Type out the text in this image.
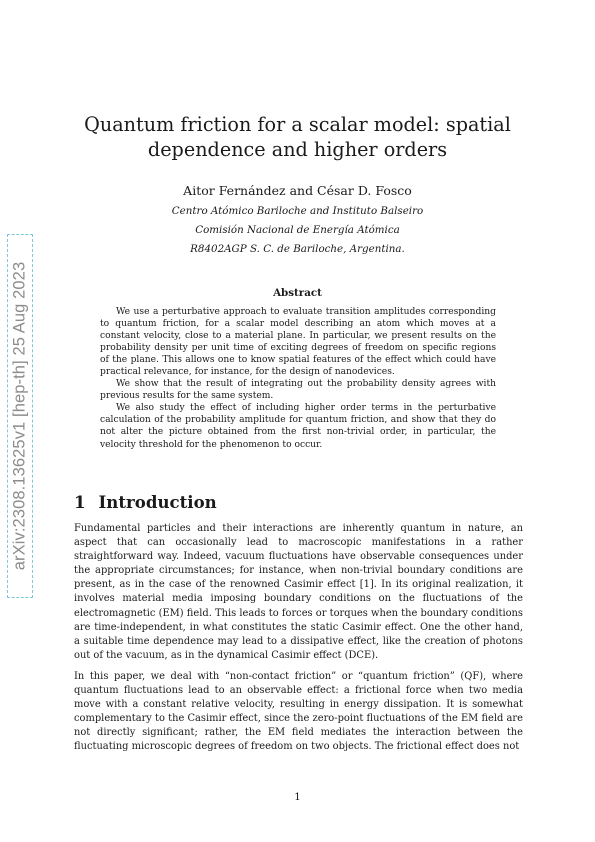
arXiv:2308.13625v1 [hep-th] 25 Aug 2023
Quantum friction for a scalar model: spatial dependence and higher orders
Aitor Fernández and César D. Fosco
Centro Atómico Bariloche and Instituto Balseiro
Comisión Nacional de Energía Atómica
R8402AGP S. C. de Bariloche, Argentina.
Abstract

We use a perturbative approach to evaluate transition amplitudes corresponding to quantum friction, for a scalar model describing an atom which moves at a constant velocity, close to a material plane. In particular, we present results on the probability density per unit time of exciting degrees of freedom on specific regions of the plane. This allows one to know spatial features of the effect which could have practical relevance, for instance, for the design of nanodevices.

We show that the result of integrating out the probability density agrees with previous results for the same system.

We also study the effect of including higher order terms in the perturbative calculation of the probability amplitude for quantum friction, and show that they do not alter the picture obtained from the first non-trivial order, in particular, the velocity threshold for the phenomenon to occur.

1 Introduction

Fundamental particles and their interactions are inherently quantum in nature, an aspect that can occasionally lead to macroscopic manifestations in a rather straightforward way. Indeed, vacuum fluctuations have observable consequences under the appropriate circumstances; for instance, when non-trivial boundary conditions are present, as in the case of the renowned Casimir effect [1]. In its original realization, it involves material media imposing boundary conditions on the fluctuations of the electromagnetic (EM) field. This leads to forces or torques when the boundary conditions are time-independent, in what constitutes the static Casimir effect. One the other hand, a suitable time dependence may lead to a dissipative effect, like the creation of photons out of the vacuum, as in the dynamical Casimir effect (DCE).

In this paper, we deal with “non-contact friction” or “quantum friction” (QF), where quantum fluctuations lead to an observable effect: a frictional force when two media move with a constant relative velocity, resulting in energy dissipation. It is somewhat complementary to the Casimir effect, since the zero-point fluctuations of the EM field are not directly significant; rather, the EM field mediates the interaction between the fluctuating microscopic degrees of freedom on two objects. The frictional effect does not

1
